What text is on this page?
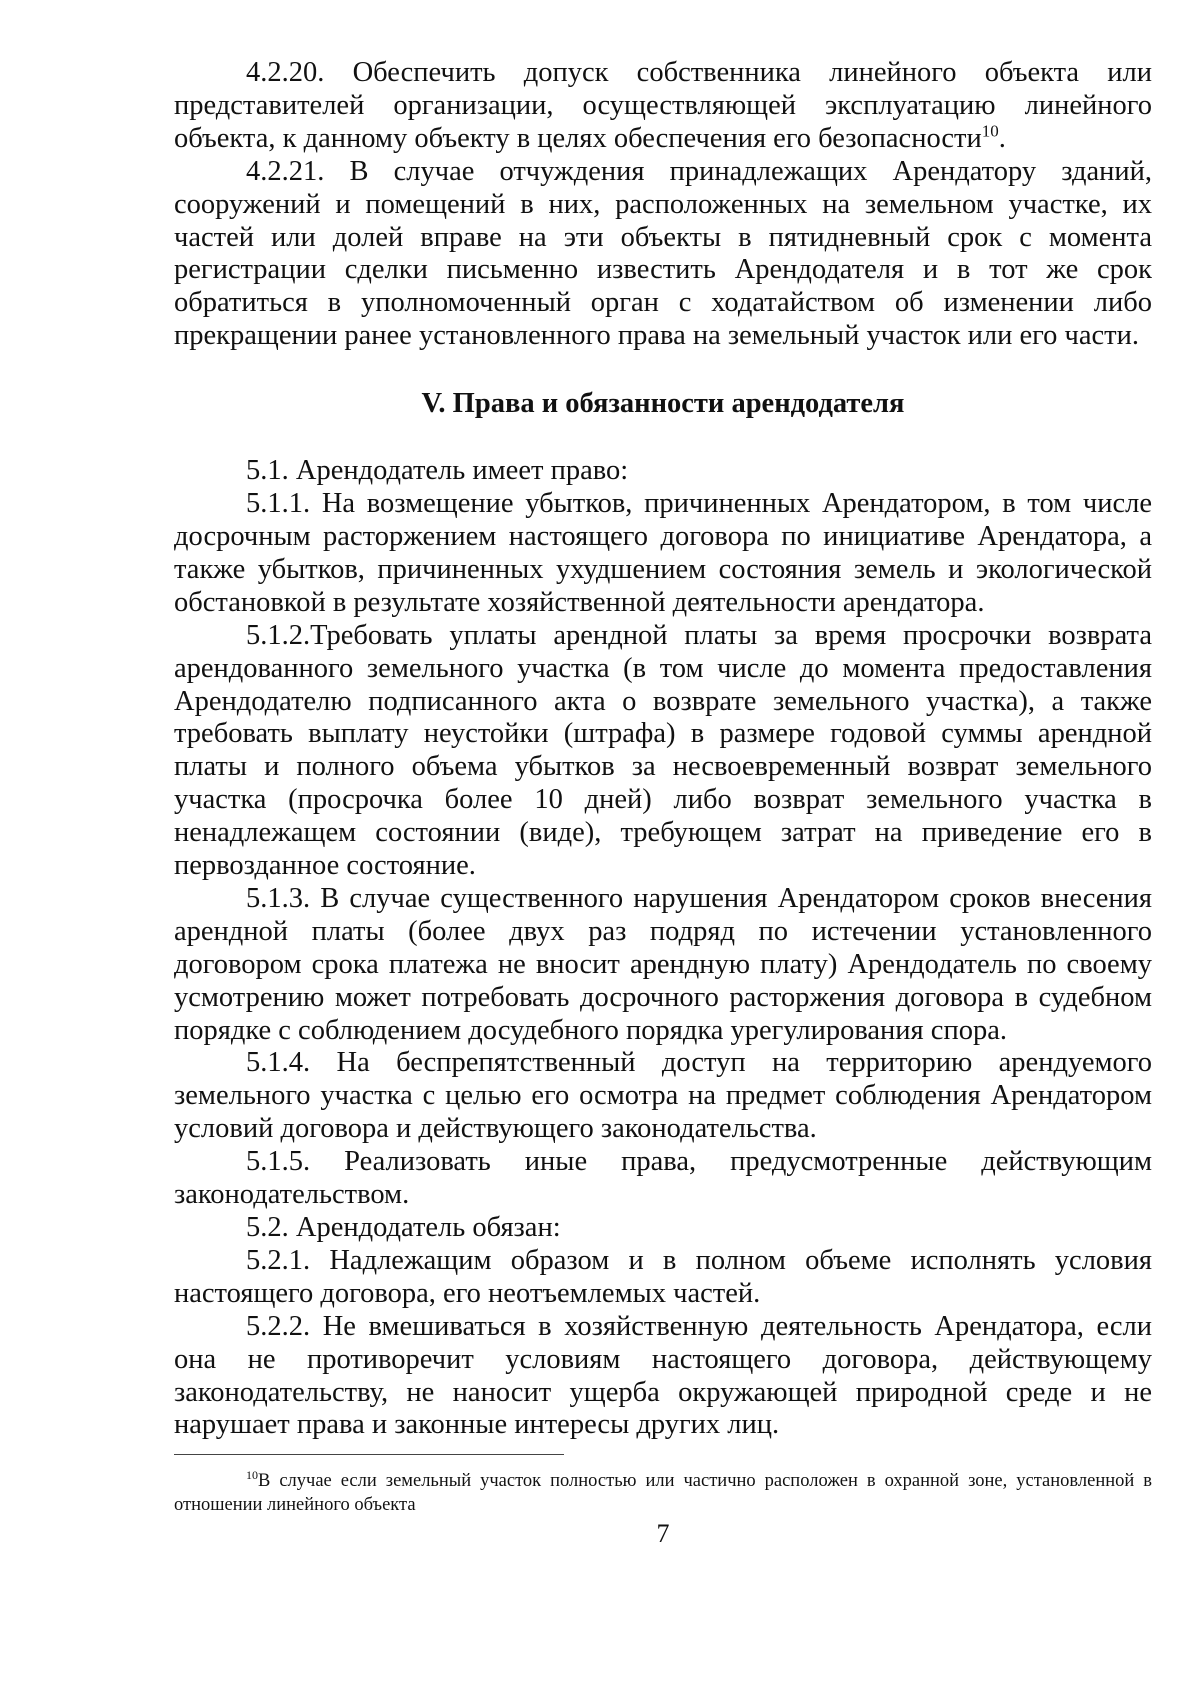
4.2.20. Обеспечить допуск собственника линейного объекта или представителей организации, осуществляющей эксплуатацию линейного объекта, к данному объекту в целях обеспечения его безопасности$^{10}$.

4.2.21. В случае отчуждения принадлежащих Арендатору зданий, сооружений и помещений в них, расположенных на земельном участке, их частей или долей вправе на эти объекты в пятидневный срок с момента регистрации сделки письменно известить Арендодателя и в тот же срок обратиться в уполномоченный орган с ходатайством об изменении либо прекращении ранее установленного права на земельный участок или его части.

V. Права и обязанности арендодателя

5.1. Арендодатель имеет право:

5.1.1. На возмещение убытков, причиненных Арендатором, в том числе досрочным расторжением настоящего договора по инициативе Арендатора, а также убытков, причиненных ухудшением состояния земель и экологической обстановкой в результате хозяйственной деятельности арендатора.

5.1.2.Требовать уплаты арендной платы за время просрочки возврата арендованного земельного участка (в том числе до момента предоставления Арендодателю подписанного акта о возврате земельного участка), а также требовать выплату неустойки (штрафа) в размере годовой суммы арендной платы и полного объема убытков за несвоевременный возврат земельного участка (просрочка более 10 дней) либо возврат земельного участка в ненадлежащем состоянии (виде), требующем затрат на приведение его в первозданное состояние.

5.1.3. В случае существенного нарушения Арендатором сроков внесения арендной платы (более двух раз подряд по истечении установленного договором срока платежа не вносит арендную плату) Арендодатель по своему усмотрению может потребовать досрочного расторжения договора в судебном порядке с соблюдением досудебного порядка урегулирования спора.

5.1.4. На беспрепятственный доступ на территорию арендуемого земельного участка с целью его осмотра на предмет соблюдения Арендатором условий договора и действующего законодательства.

5.1.5. Реализовать иные права, предусмотренные действующим законодательством.

5.2. Арендодатель обязан:

5.2.1. Надлежащим образом и в полном объеме исполнять условия настоящего договора, его неотъемлемых частей.

5.2.2. Не вмешиваться в хозяйственную деятельность Арендатора, если она не противоречит условиям настоящего договора, действующему законодательству, не наносит ущерба окружающей природной среде и не нарушает права и законные интересы других лиц.

$^{10}$В случае если земельный участок полностью или частично расположен в охранной зоне, установленной в отношении линейного объекта

7
